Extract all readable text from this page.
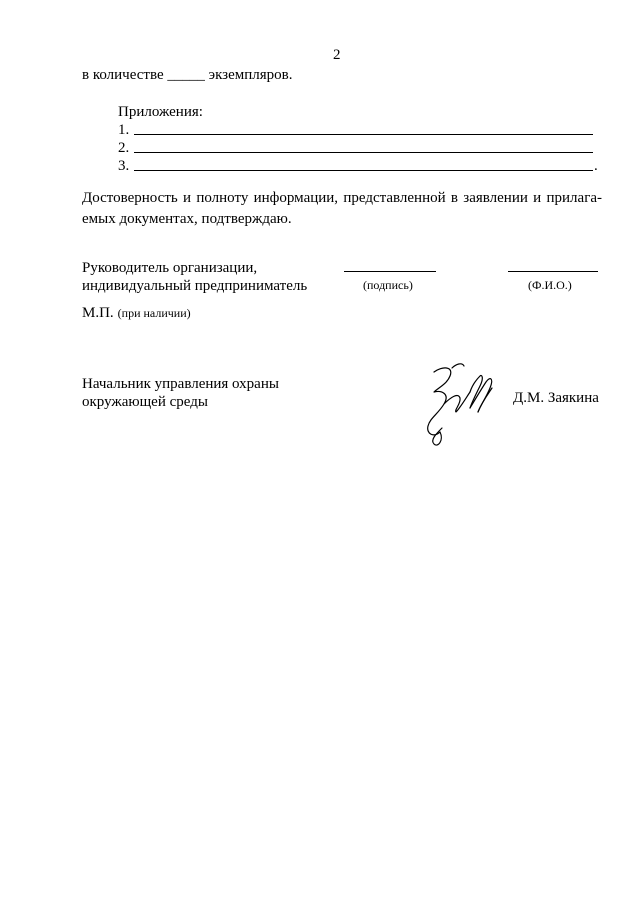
2
в количестве _____ экземпляров.
Приложения:
1.
2.
3.	.
Достоверность и полноту информации, представленной в заявлении и прилага-емых документах, подтверждаю.
Руководитель организации,
индивидуальный предприниматель	(подпись)	(Ф.И.О.)
М.П. (при наличии)
Начальник управления охраны
окружающей среды	Д.М. Заякина
